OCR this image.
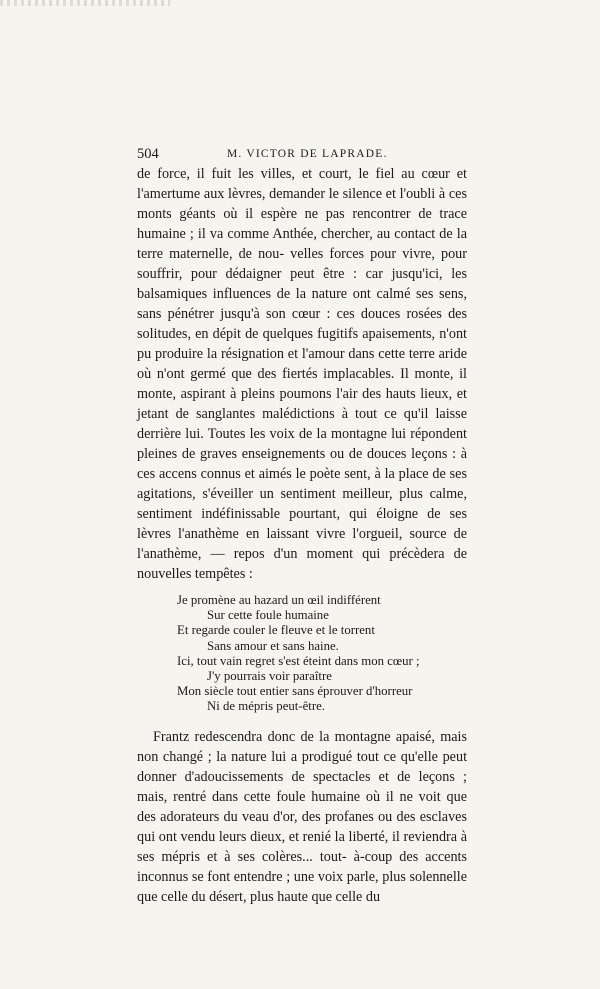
504	M. VICTOR DE LAPRADE.

de force, il fuit les villes, et court, le fiel au cœur et l'amertume aux lèvres, demander le silence et l'oubli à ces monts géants où il espère ne pas rencontrer de trace humaine ; il va comme Anthée, chercher, au contact de la terre maternelle, de nou- velles forces pour vivre, pour souffrir, pour dédaigner peut être : car jusqu'ici, les balsamiques influences de la nature ont calmé ses sens, sans pénétrer jusqu'à son cœur : ces douces rosées des solitudes, en dépit de quelques fugitifs apaisements, n'ont pu produire la résignation et l'amour dans cette terre aride où n'ont germé que des fiertés implacables. Il monte, il monte, aspirant à pleins poumons l'air des hauts lieux, et jetant de sanglantes malédictions à tout ce qu'il laisse derrière lui. Toutes les voix de la montagne lui répondent pleines de graves enseignements ou de douces leçons : à ces accens connus et aimés le poète sent, à la place de ses agitations, s'éveiller un sentiment meilleur, plus calme, sentiment indéfinissable pourtant, qui éloigne de ses lèvres l'anathème en laissant vivre l'orgueil, source de l'anathème, — repos d'un moment qui précèdera de nouvelles tempêtes :

Je promène au hazard un œil indifférent
Sur cette foule humaine
Et regarde couler le fleuve et le torrent
Sans amour et sans haine.
Ici, tout vain regret s'est éteint dans mon cœur ;
J'y pourrais voir paraître
Mon siècle tout entier sans éprouver d'horreur
Ni de mépris peut-être.

Frantz redescendra donc de la montagne apaisé, mais non changé ; la nature lui a prodigué tout ce qu'elle peut donner d'adoucissements de spectacles et de leçons ; mais, rentré dans cette foule humaine où il ne voit que des adorateurs du veau d'or, des profanes ou des esclaves qui ont vendu leurs dieux, et renié la liberté, il reviendra à ses mépris et à ses colères... tout- à-coup des accents inconnus se font entendre ; une voix parle, plus solennelle que celle du désert, plus haute que celle du
